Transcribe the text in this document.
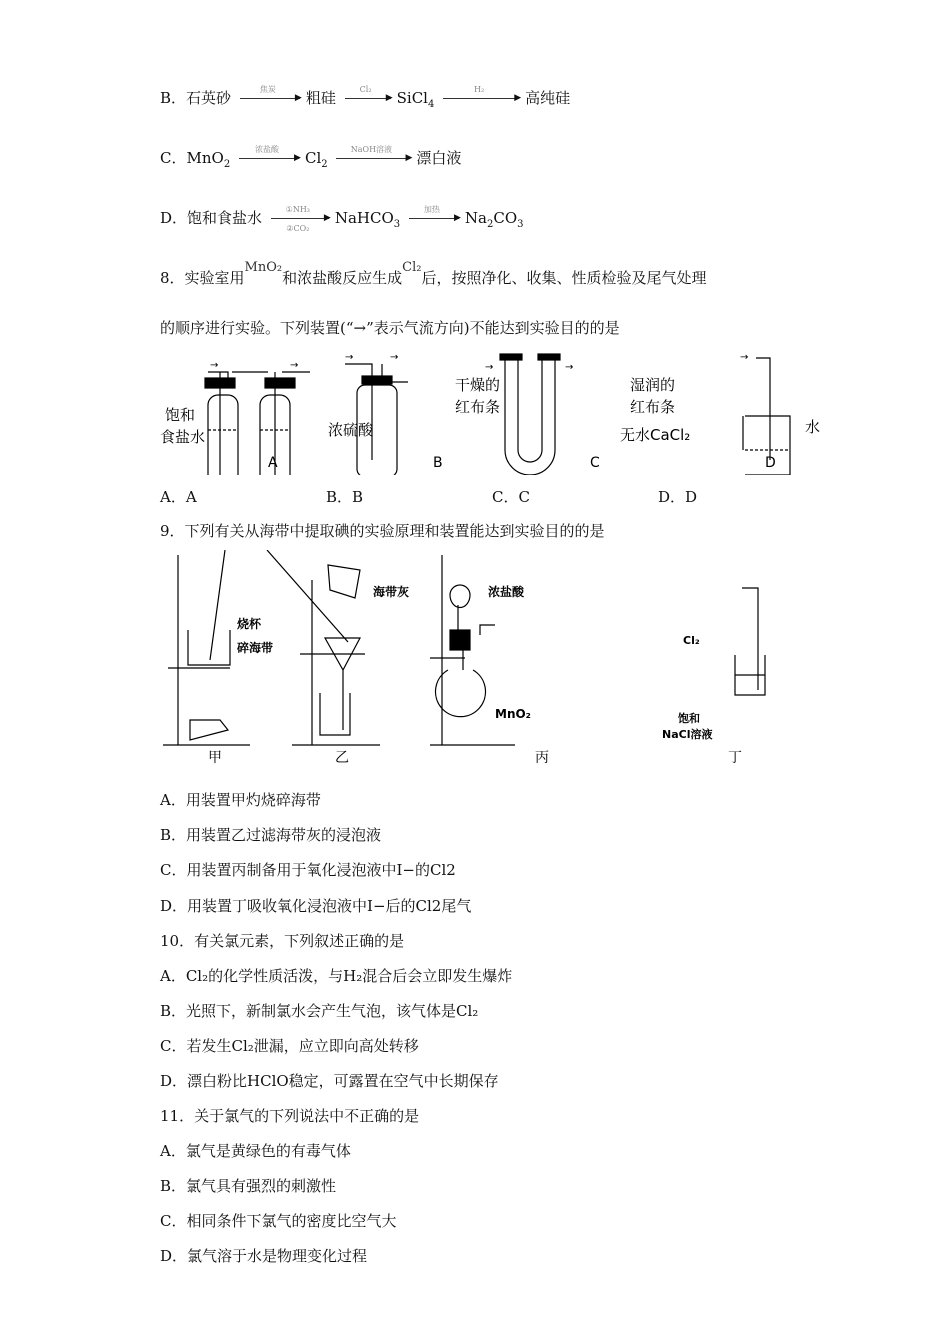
B．石英砂	焦炭
▶ 粗硅	Cl₂
▶ SiCl$_4$
H₂
▶ 高纯硅
C．MnO$_2$
浓盐酸
▶ $Cl_2$
NaOH溶液
▶ 漂白液
D．饱和食盐水	①NH₃
▶
②CO₂
NaHCO$_3$
加热
▶ $Na_2CO_3$
8．实验室用MnO₂和浓盐酸反应生成Cl₂后，按照净化、收集、性质检验及尾气处理
的顺序进行实验。下列装置(“→”表示气流方向)不能达到实验目的的是
→	→
→	→
→	→
→
饱和
食盐水	浓硫酸
干燥的
红布条
湿润的
红布条
无水CaCl₂	水
A	B	C	D
A．A	B．B	C．C	D．D
9．下列有关从海带中提取碘的实验原理和装置能达到实验目的的是
烧杯
碎海带
海带灰	浓盐酸
MnO₂
Cl₂
饱和
NaCl溶液
甲	乙	丙	丁
A．用装置甲灼烧碎海带
B．用装置乙过滤海带灰的浸泡液
C．用装置丙制备用于氧化浸泡液中I−的Cl2
D．用装置丁吸收氧化浸泡液中I−后的Cl2尾气
10．有关氯元素，下列叙述正确的是
A．Cl₂的化学性质活泼，与H₂混合后会立即发生爆炸
B．光照下，新制氯水会产生气泡，该气体是Cl₂
C．若发生Cl₂泄漏，应立即向高处转移
D．漂白粉比HClO稳定，可露置在空气中长期保存
11．关于氯气的下列说法中不正确的是
A．氯气是黄绿色的有毒气体
B．氯气具有强烈的刺激性
C．相同条件下氯气的密度比空气大
D．氯气溶于水是物理变化过程
